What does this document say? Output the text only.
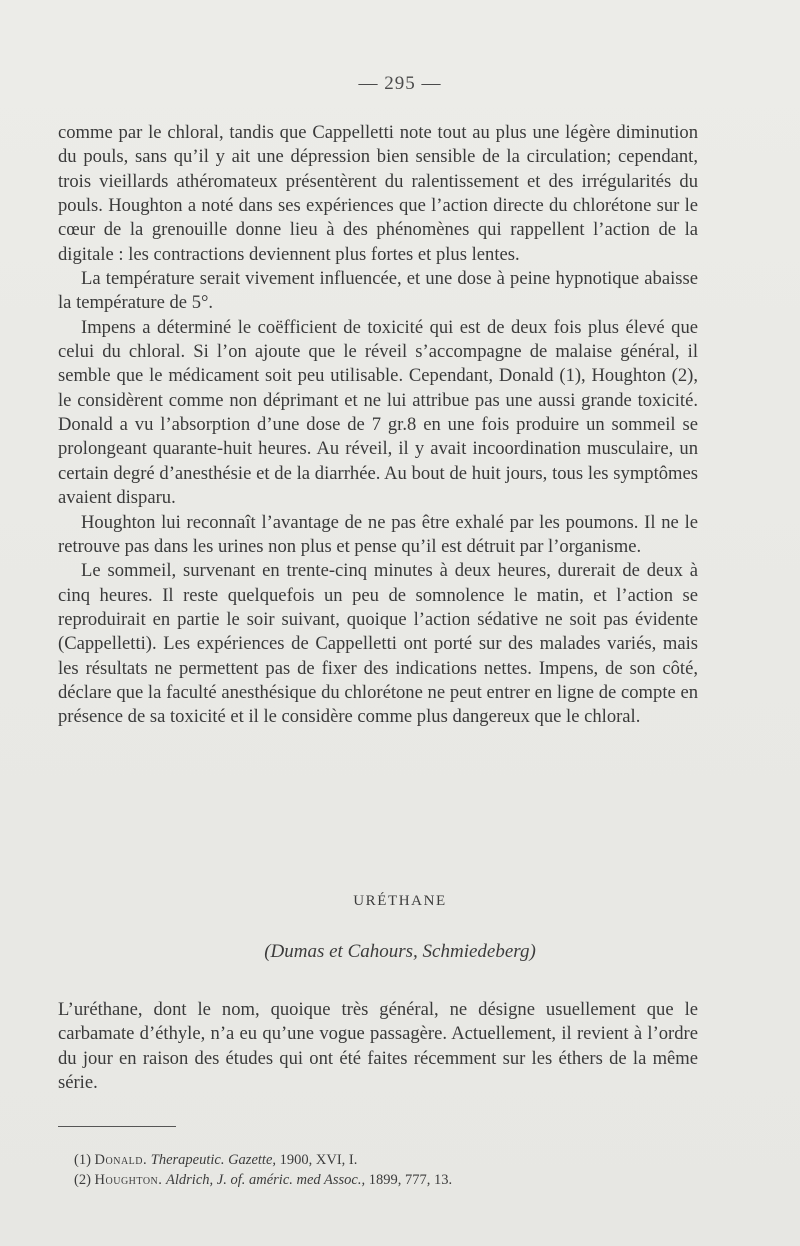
— 295 —

comme par le chloral, tandis que Cappelletti note tout au plus une légère diminution du pouls, sans qu’il y ait une dépression bien sensible de la circulation; cependant, trois vieillards athéromateux présentèrent du ralentissement et des irrégularités du pouls. Houghton a noté dans ses expériences que l’action directe du chlorétone sur le cœur de la grenouille donne lieu à des phénomènes qui rappellent l’action de la digitale : les contractions deviennent plus fortes et plus lentes.

La température serait vivement influencée, et une dose à peine hypnotique abaisse la température de 5°.

Impens a déterminé le coëfficient de toxicité qui est de deux fois plus élevé que celui du chloral. Si l’on ajoute que le réveil s’accompagne de malaise général, il semble que le médicament soit peu utilisable. Cependant, Donald (1), Houghton (2), le considèrent comme non déprimant et ne lui attribue pas une aussi grande toxicité. Donald a vu l’absorption d’une dose de 7 gr.8 en une fois produire un sommeil se prolongeant quarante-huit heures. Au réveil, il y avait incoordination musculaire, un certain degré d’anesthésie et de la diarrhée. Au bout de huit jours, tous les symptômes avaient disparu.

Houghton lui reconnaît l’avantage de ne pas être exhalé par les poumons. Il ne le retrouve pas dans les urines non plus et pense qu’il est détruit par l’organisme.

Le sommeil, survenant en trente-cinq minutes à deux heures, durerait de deux à cinq heures. Il reste quelquefois un peu de somnolence le matin, et l’action se reproduirait en partie le soir suivant, quoique l’action sédative ne soit pas évidente (Cappelletti). Les expériences de Cappelletti ont porté sur des malades variés, mais les résultats ne permettent pas de fixer des indications nettes. Impens, de son côté, déclare que la faculté anesthésique du chlorétone ne peut entrer en ligne de compte en présence de sa toxicité et il le considère comme plus dangereux que le chloral.

URÉTHANE
(Dumas et Cahours, Schmiedeberg)

L’uréthane, dont le nom, quoique très général, ne désigne usuellement que le carbamate d’éthyle, n’a eu qu’une vogue passagère. Actuellement, il revient à l’ordre du jour en raison des études qui ont été faites récemment sur les éthers de la même série.

(1) Donald. Therapeutic. Gazette, 1900, XVI, I.
(2) Houghton. Aldrich, J. of. améric. med Assoc., 1899, 777, 13.
